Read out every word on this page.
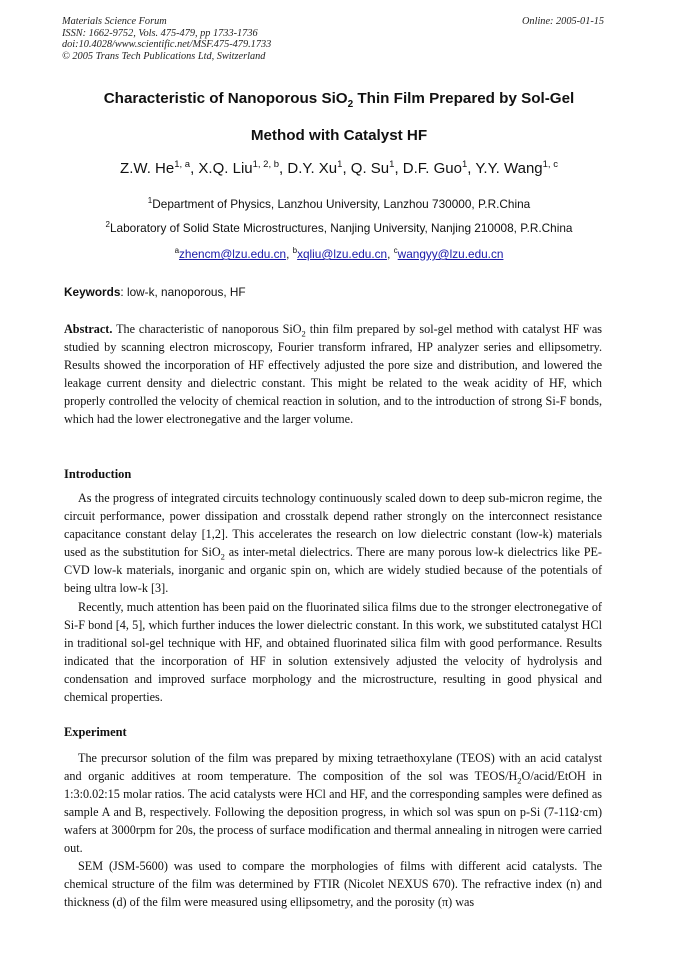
Materials Science Forum
ISSN: 1662-9752, Vols. 475-479, pp 1733-1736
doi:10.4028/www.scientific.net/MSF.475-479.1733
© 2005 Trans Tech Publications Ltd, Switzerland
Online: 2005-01-15
Characteristic of Nanoporous SiO$_2$ Thin Film Prepared by Sol-Gel
Method with Catalyst HF
Z.W. He$^{1, a}$, X.Q. Liu$^{1, 2, b}$, D.Y. Xu$^1$, Q. Su$^1$, D.F. Guo$^1$, Y.Y. Wang$^{1, c}$
$^1$Department of Physics, Lanzhou University, Lanzhou 730000, P.R.China
$^2$Laboratory of Solid State Microstructures, Nanjing University, Nanjing 210008, P.R.China
$^a$zhencm@lzu.edu.cn, $^b$xqliu@lzu.edu.cn, $^c$wangyy@lzu.edu.cn
Keywords: low-k, nanoporous, HF
Abstract. The characteristic of nanoporous SiO$_2$ thin film prepared by sol-gel method with catalyst HF was studied by scanning electron microscopy, Fourier transform infrared, HP analyzer series and ellipsometry. Results showed the incorporation of HF effectively adjusted the pore size and distribution, and lowered the leakage current density and dielectric constant. This might be related to the weak acidity of HF, which properly controlled the velocity of chemical reaction in solution, and to the introduction of strong Si-F bonds, which had the lower electronegative and the larger volume.
Introduction
As the progress of integrated circuits technology continuously scaled down to deep sub-micron regime, the circuit performance, power dissipation and crosstalk depend rather strongly on the interconnect resistance capacitance constant delay [1,2]. This accelerates the research on low dielectric constant (low-k) materials used as the substitution for SiO$_2$ as inter-metal dielectrics. There are many porous low-k dielectrics like PE-CVD low-k materials, inorganic and organic spin on, which are widely studied because of the potentials of being ultra low-k [3].
Recently, much attention has been paid on the fluorinated silica films due to the stronger electronegative of Si-F bond [4, 5], which further induces the lower dielectric constant. In this work, we substituted catalyst HCl in traditional sol-gel technique with HF, and obtained fluorinated silica film with good performance. Results indicated that the incorporation of HF in solution extensively adjusted the velocity of hydrolysis and condensation and improved surface morphology and the microstructure, resulting in good physical and chemical properties.
Experiment
The precursor solution of the film was prepared by mixing tetraethoxylane (TEOS) with an acid catalyst and organic additives at room temperature. The composition of the sol was TEOS/$H_2O/acid$/EtOH in 1:3:0.02:15 molar ratios. The acid catalysts were HCl and HF, and the corresponding samples were defined as sample A and B, respectively. Following the deposition progress, in which sol was spun on p-Si (7-11Ω·cm) wafers at 3000rpm for 20s, the process of surface modification and thermal annealing in nitrogen were carried out.
SEM (JSM-5600) was used to compare the morphologies of films with different acid catalysts. The chemical structure of the film was determined by FTIR (Nicolet NEXUS 670). The refractive index (n) and thickness (d) of the film were measured using ellipsometry, and the porosity (π) was
